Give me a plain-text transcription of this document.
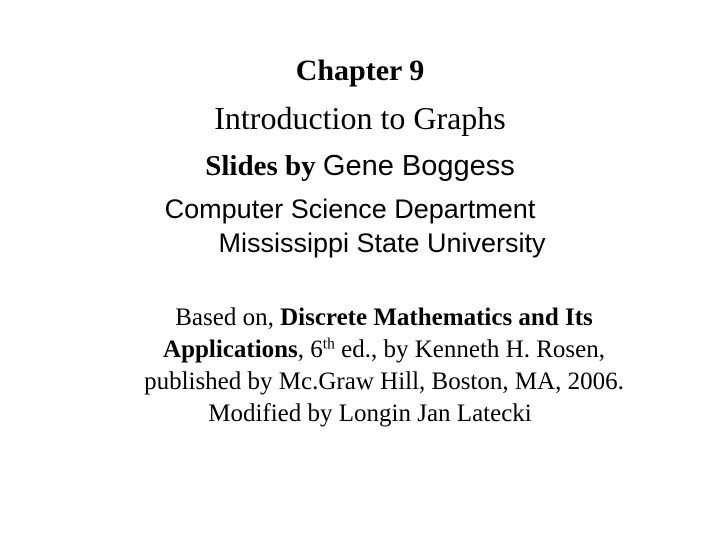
Chapter 9
Introduction to Graphs
Slides by Gene Boggess
Computer Science Department
Mississippi State University
Based on, Discrete Mathematics and Its
Applications, 6th ed., by Kenneth H. Rosen,
published by Mc.Graw Hill, Boston, MA, 2006.
Modified by Longin Jan Latecki
